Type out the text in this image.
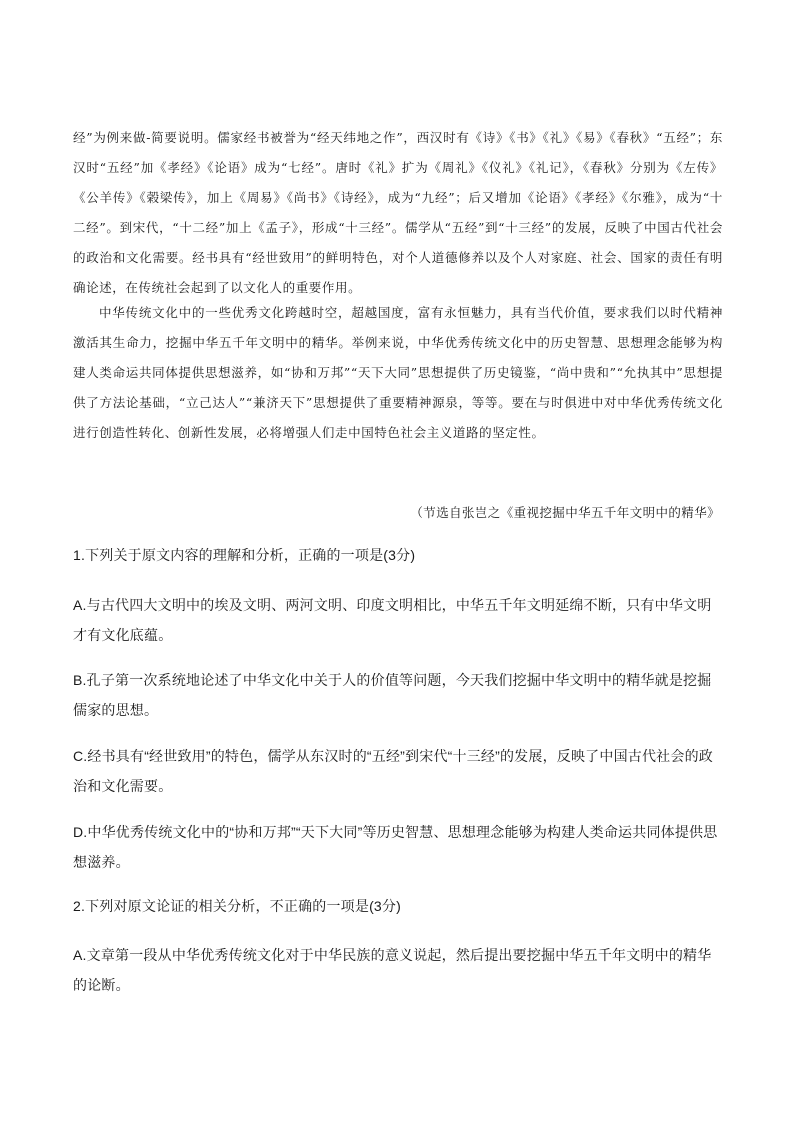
经”为例来做-简要说明。儒家经书被誉为“经天纬地之作”，西汉时有《诗》《书》《礼》《易》《春秋》“五经”；东汉时“五经”加《孝经》《论语》成为“七经”。唐时《礼》扩为《周礼》《仪礼》《礼记》，《春秋》分别为《左传》《公羊传》《榖梁传》，加上《周易》《尚书》《诗经》，成为“九经”；后又增加《论语》《孝经》《尔雅》，成为“十二经”。到宋代，“十二经”加上《孟子》，形成“十三经”。儒学从“五经”到“十三经”的发展，反映了中国古代社会的政治和文化需要。经书具有“经世致用”的鲜明特色，对个人道德修养以及个人对家庭、社会、国家的责任有明确论述，在传统社会起到了以文化人的重要作用。
中华传统文化中的一些优秀文化跨越时空，超越国度，富有永恒魅力，具有当代价值，要求我们以时代精神激活其生命力，挖掘中华五千年文明中的精华。举例来说，中华优秀传统文化中的历史智慧、思想理念能够为构建人类命运共同体提供思想滋养，如“协和万邦”“天下大同”思想提供了历史镜鉴，“尚中贵和”“允执其中”思想提供了方法论基础，“立己达人”“兼济天下”思想提供了重要精神源泉，等等。要在与时俱进中对中华优秀传统文化进行创造性转化、创新性发展，必将增强人们走中国特色社会主义道路的坚定性。
（节选自张岂之《重视挖掘中华五千年文明中的精华》
1.下列关于原文内容的理解和分析，正确的一项是(3分)
A.与古代四大文明中的埃及文明、两河文明、印度文明相比，中华五千年文明延绵不断，只有中华文明才有文化底蕴。
B.孔子第一次系统地论述了中华文化中关于人的价值等问题，今天我们挖掘中华文明中的精华就是挖掘儒家的思想。
C.经书具有“经世致用”的特色，儒学从东汉时的“五经”到宋代“十三经”的发展，反映了中国古代社会的政治和文化需要。
D.中华优秀传统文化中的“协和万邦”“天下大同”等历史智慧、思想理念能够为构建人类命运共同体提供思想滋养。
2.下列对原文论证的相关分析，不正确的一项是(3分)
A.文章第一段从中华优秀传统文化对于中华民族的意义说起，然后提出要挖掘中华五千年文明中的精华的论断。
